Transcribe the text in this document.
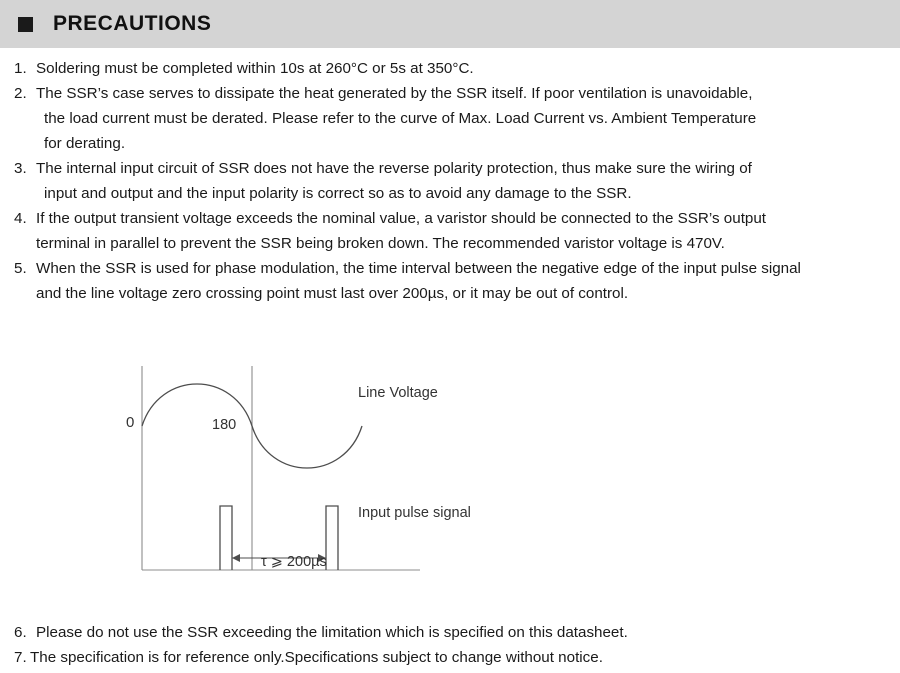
PRECAUTIONS
1. Soldering must be completed within 10s at 260°C or 5s at 350°C.

2. The SSR’s case serves to dissipate the heat generated by the SSR itself. If poor ventilation is unavoidable,

the load current must be derated. Please refer to the curve of Max. Load Current vs. Ambient Temperature

for derating.

3. The internal input circuit of SSR does not have the reverse polarity protection, thus make sure the wiring of

input and output and the input polarity is correct so as to avoid any damage to the SSR.

4. If the output transient voltage exceeds the nominal value, a varistor should be connected to the SSR’s output

terminal in parallel to prevent the SSR being broken down. The recommended varistor voltage is 470V.

5. When the SSR is used for phase modulation, the time interval between the negative edge of the input pulse signal

and the line voltage zero crossing point must last over 200µs, or it may be out of control.

Line Voltage
0	180
Input pulse signal
τ ⩾ 200µs
6. Please do not use the SSR exceeding the limitation which is specified on this datasheet.

7. The specification is for reference only.Specifications subject to change without notice.
